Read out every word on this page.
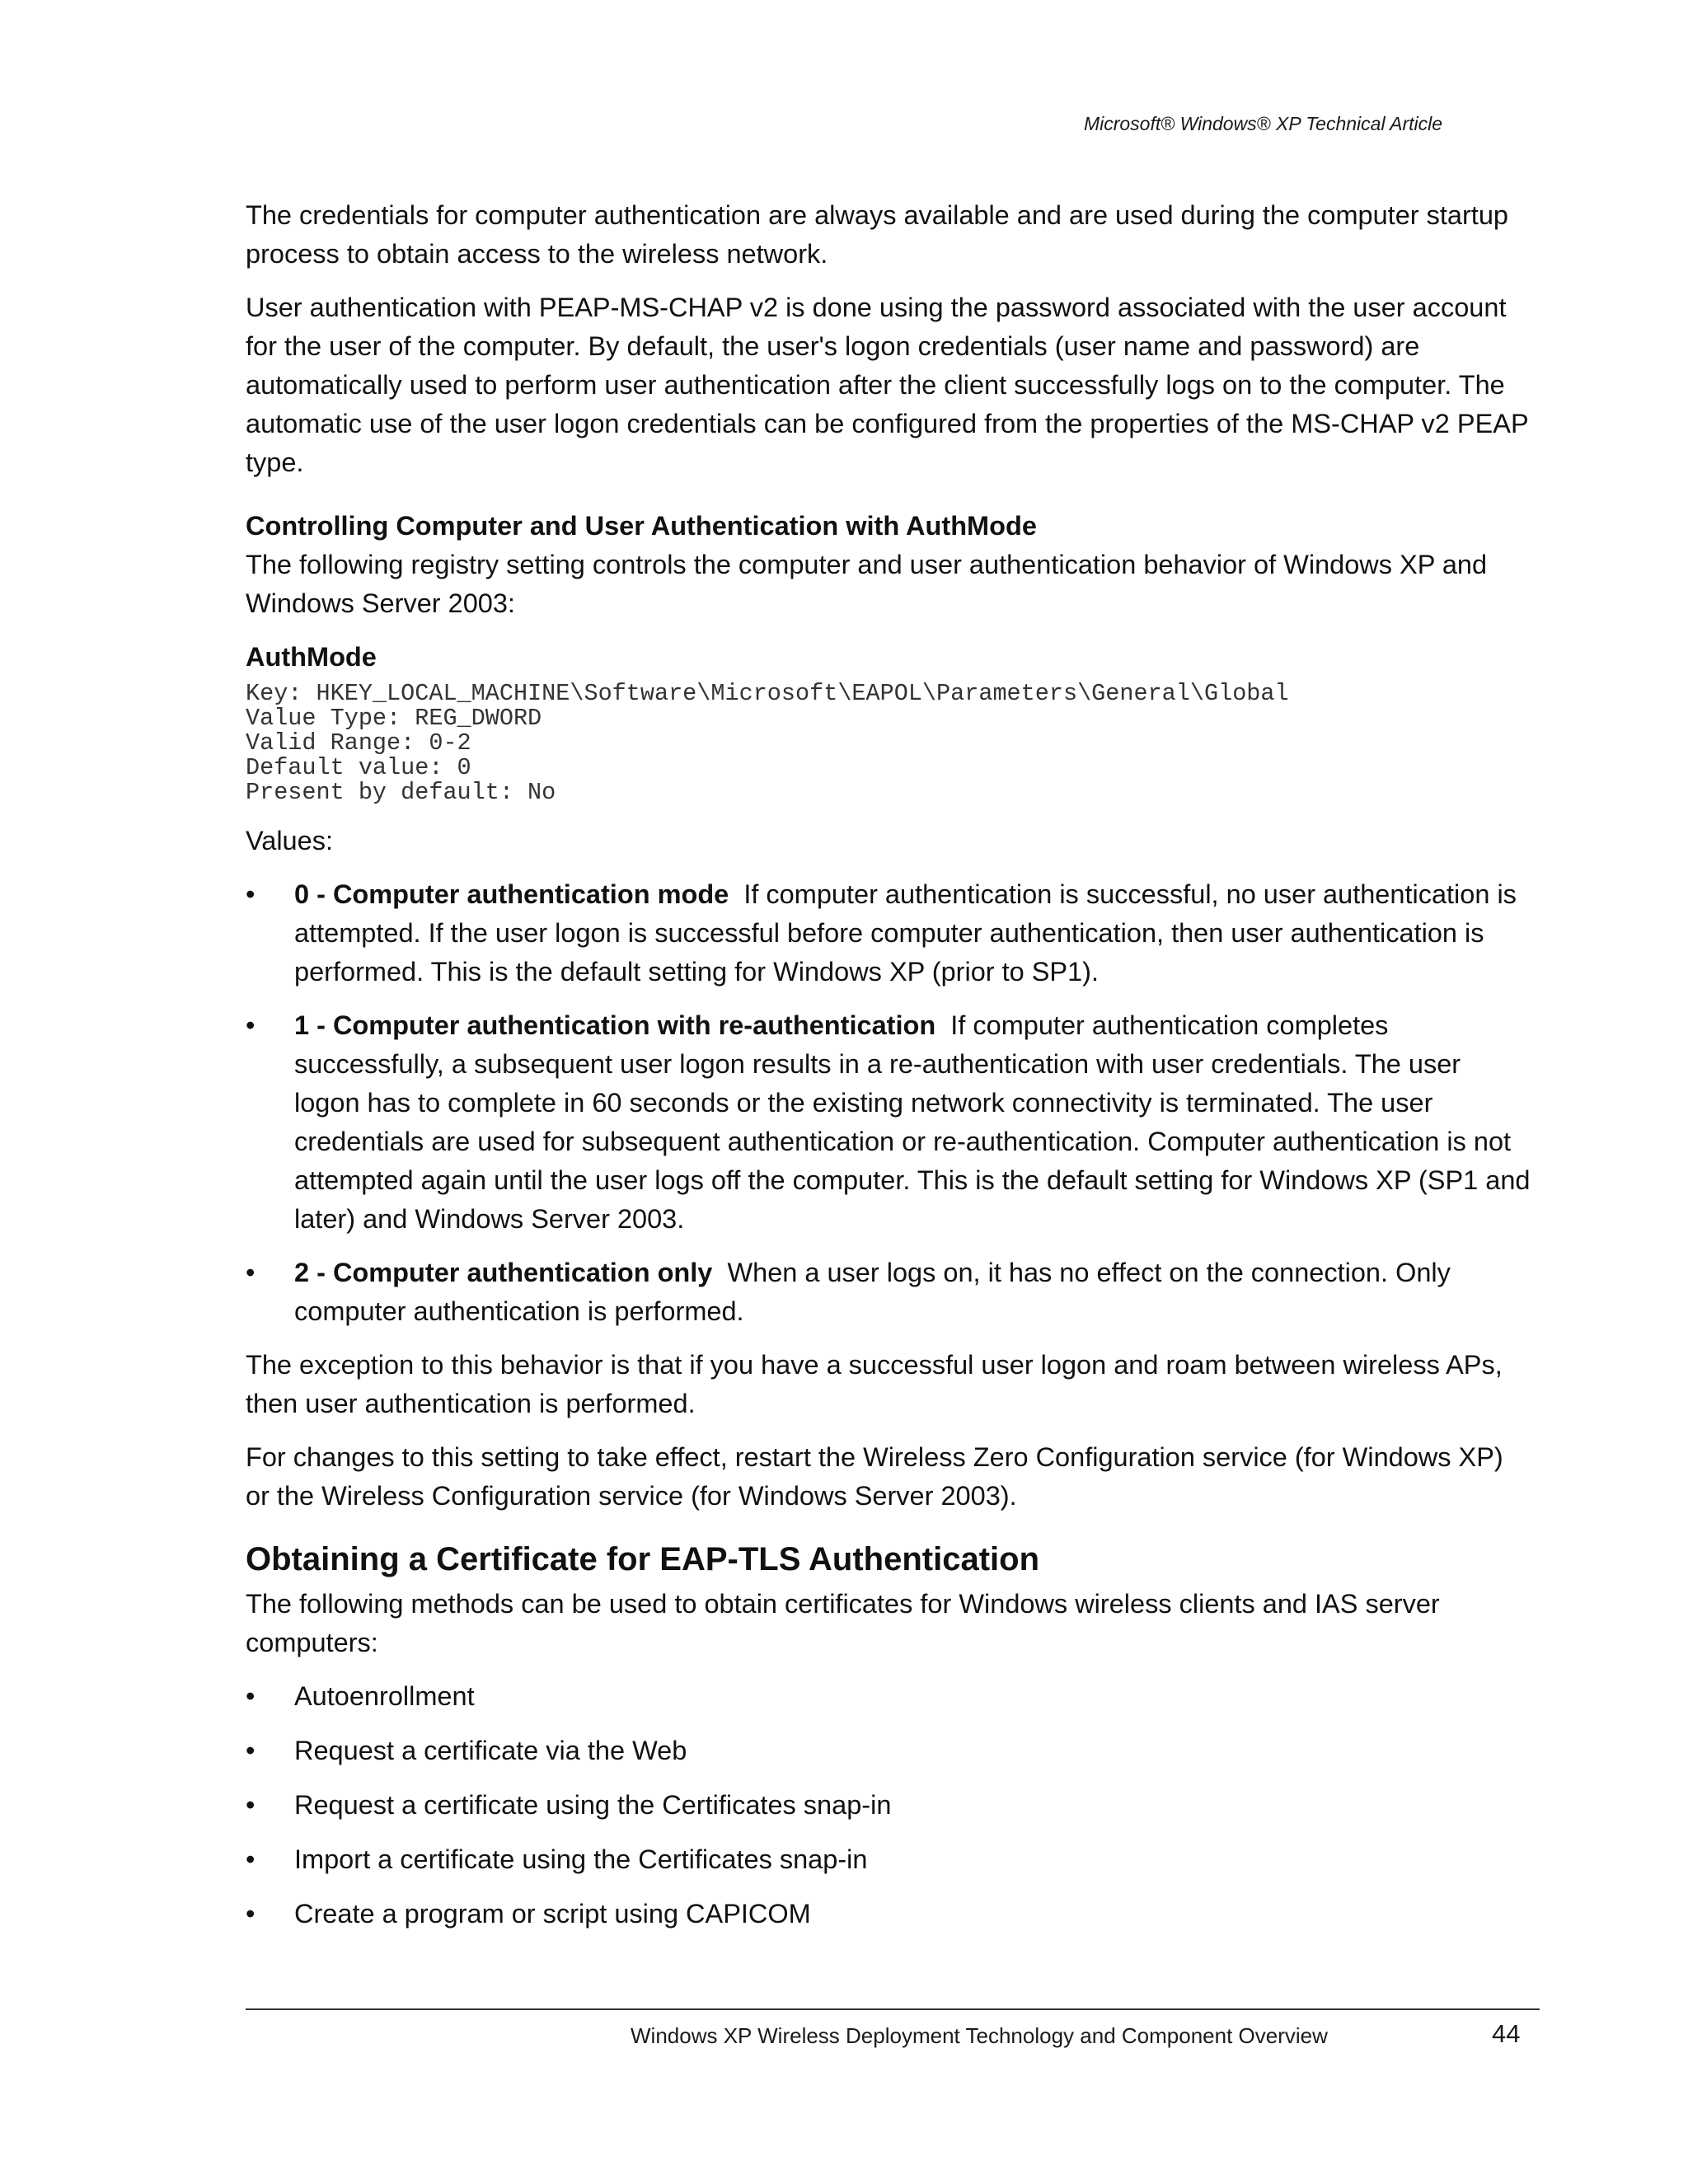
Microsoft® Windows® XP Technical Article

The credentials for computer authentication are always available and are used during the computer startup process to obtain access to the wireless network.

User authentication with PEAP-MS-CHAP v2 is done using the password associated with the user account for the user of the computer. By default, the user's logon credentials (user name and password) are automatically used to perform user authentication after the client successfully logs on to the computer. The automatic use of the user logon credentials can be configured from the properties of the MS-CHAP v2 PEAP type.

Controlling Computer and User Authentication with AuthMode

The following registry setting controls the computer and user authentication behavior of Windows XP and Windows Server 2003:

AuthMode
Key: HKEY_LOCAL_MACHINE\Software\Microsoft\EAPOL\Parameters\General\Global
Value Type: REG_DWORD
Valid Range: 0-2
Default value: 0
Present by default: No

Values:

•	0 - Computer authentication mode If computer authentication is successful, no user authentication is attempted. If the user logon is successful before computer authentication, then user authentication is performed. This is the default setting for Windows XP (prior to SP1).
•	1 - Computer authentication with re-authentication If computer authentication completes successfully, a subsequent user logon results in a re-authentication with user credentials. The user logon has to complete in 60 seconds or the existing network connectivity is terminated. The user credentials are used for subsequent authentication or re-authentication. Computer authentication is not attempted again until the user logs off the computer. This is the default setting for Windows XP (SP1 and later) and Windows Server 2003.
•	2 - Computer authentication only When a user logs on, it has no effect on the connection. Only computer authentication is performed.

The exception to this behavior is that if you have a successful user logon and roam between wireless APs, then user authentication is performed.

For changes to this setting to take effect, restart the Wireless Zero Configuration service (for Windows XP) or the Wireless Configuration service (for Windows Server 2003).

Obtaining a Certificate for EAP-TLS Authentication

The following methods can be used to obtain certificates for Windows wireless clients and IAS server computers:

•	Autoenrollment
•	Request a certificate via the Web
•	Request a certificate using the Certificates snap-in
•	Import a certificate using the Certificates snap-in
•	Create a program or script using CAPICOM
Windows XP Wireless Deployment Technology and Component Overview	44
